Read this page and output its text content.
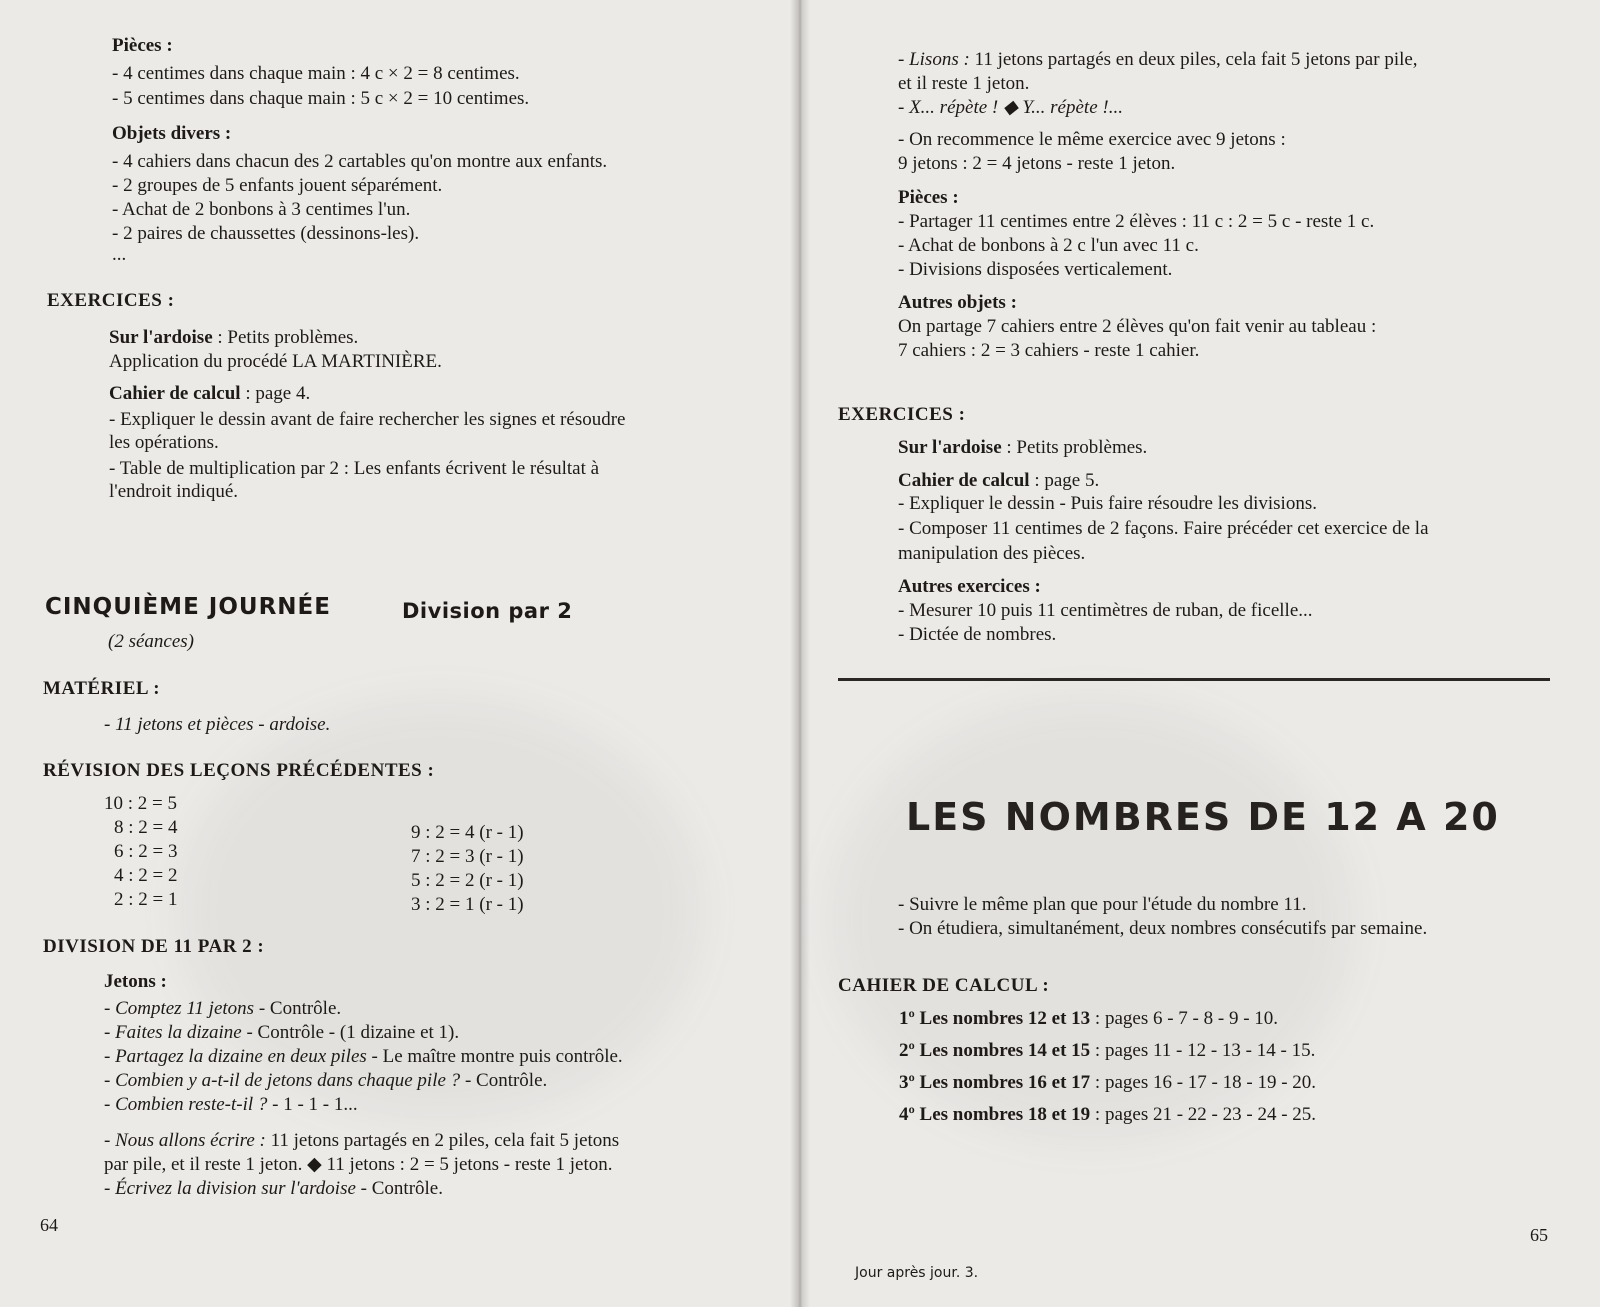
Pièces :
- 4 centimes dans chaque main : 4 c × 2 = 8 centimes.
- 5 centimes dans chaque main : 5 c × 2 = 10 centimes.
Objets divers :
- 4 cahiers dans chacun des 2 cartables qu'on montre aux enfants.
- 2 groupes de 5 enfants jouent séparément.
- Achat de 2 bonbons à 3 centimes l'un.
- 2 paires de chaussettes (dessinons-les).
...
EXERCICES :
Sur l'ardoise : Petits problèmes.
Application du procédé LA MARTINIÈRE.
Cahier de calcul : page 4.
- Expliquer le dessin avant de faire rechercher les signes et résoudre
les opérations.
- Table de multiplication par 2 : Les enfants écrivent le résultat à
l'endroit indiqué.
CINQUIÈME JOURNÉE	Division par 2
(2 séances)
MATÉRIEL :
- 11 jetons et pièces - ardoise.
RÉVISION DES LEÇONS PRÉCÉDENTES :
10 : 2 = 5
8 : 2 = 4
6 : 2 = 3
4 : 2 = 2
2 : 2 = 1
9 : 2 = 4 (r - 1)
7 : 2 = 3 (r - 1)
5 : 2 = 2 (r - 1)
3 : 2 = 1 (r - 1)
DIVISION DE 11 PAR 2 :
Jetons :
- Comptez 11 jetons - Contrôle.
- Faites la dizaine - Contrôle - (1 dizaine et 1).
- Partagez la dizaine en deux piles - Le maître montre puis contrôle.
- Combien y a-t-il de jetons dans chaque pile ? - Contrôle.
- Combien reste-t-il ? - 1 - 1 - 1...
- Nous allons écrire : 11 jetons partagés en 2 piles, cela fait 5 jetons
par pile, et il reste 1 jeton. ◆ 11 jetons : 2 = 5 jetons - reste 1 jeton.
- Écrivez la division sur l'ardoise - Contrôle.
64
- Lisons : 11 jetons partagés en deux piles, cela fait 5 jetons par pile,
et il reste 1 jeton.
- X... répète ! ◆ Y... répète !...
- On recommence le même exercice avec 9 jetons :
9 jetons : 2 = 4 jetons - reste 1 jeton.
Pièces :
- Partager 11 centimes entre 2 élèves : 11 c : 2 = 5 c - reste 1 c.
- Achat de bonbons à 2 c l'un avec 11 c.
- Divisions disposées verticalement.
Autres objets :
On partage 7 cahiers entre 2 élèves qu'on fait venir au tableau :
7 cahiers : 2 = 3 cahiers - reste 1 cahier.
EXERCICES :
Sur l'ardoise : Petits problèmes.
Cahier de calcul : page 5.
- Expliquer le dessin - Puis faire résoudre les divisions.
- Composer 11 centimes de 2 façons. Faire précéder cet exercice de la
manipulation des pièces.
Autres exercices :
- Mesurer 10 puis 11 centimètres de ruban, de ficelle...
- Dictée de nombres.
LES NOMBRES DE 12 A 20
- Suivre le même plan que pour l'étude du nombre 11.
- On étudiera, simultanément, deux nombres consécutifs par semaine.
CAHIER DE CALCUL :
1º Les nombres 12 et 13 : pages 6 - 7 - 8 - 9 - 10.
2º Les nombres 14 et 15 : pages 11 - 12 - 13 - 14 - 15.
3º Les nombres 16 et 17 : pages 16 - 17 - 18 - 19 - 20.
4º Les nombres 18 et 19 : pages 21 - 22 - 23 - 24 - 25.
65
Jour après jour. 3.
